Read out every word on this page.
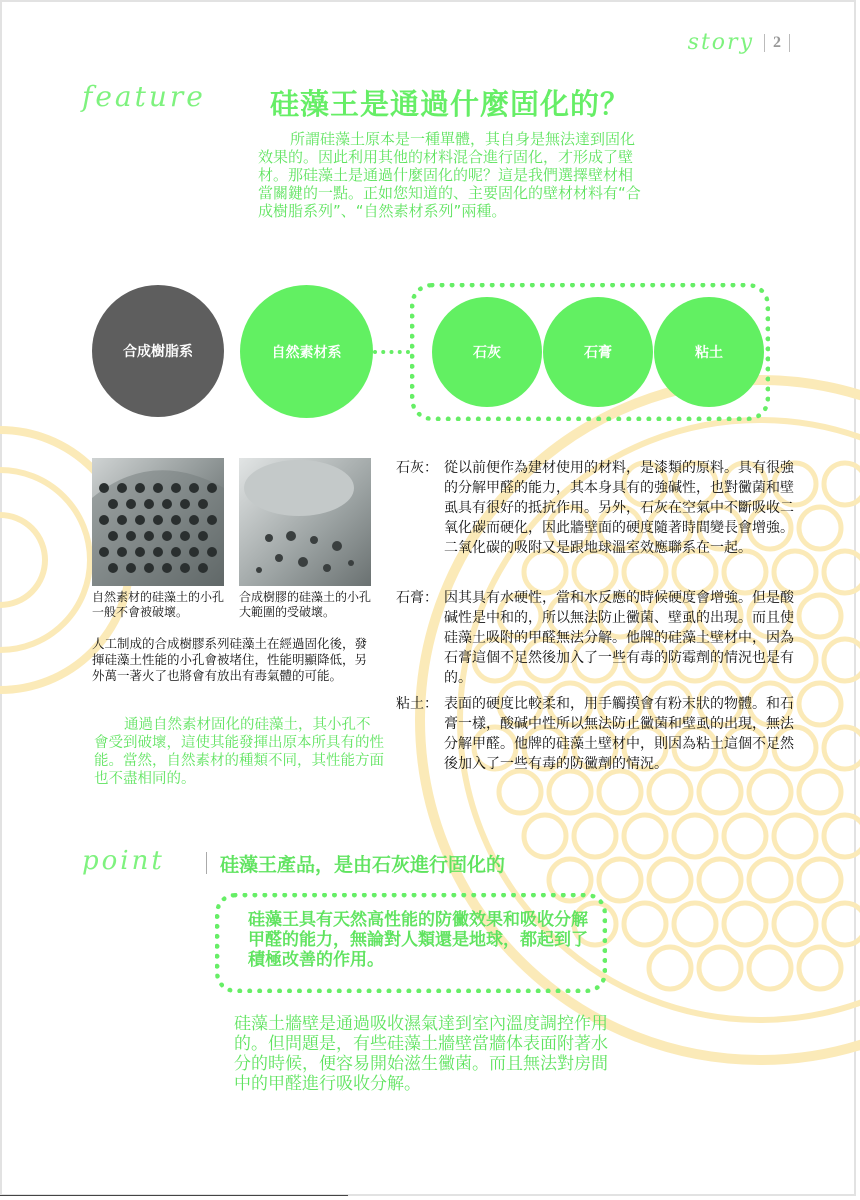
story	2
feature 硅藻王是通過什麼固化的？
所謂硅藻土原本是一種單體，其自身是無法達到固化效果的。因此利用其他的材料混合進行固化，才形成了壁材。那硅藻土是通過什麼固化的呢？這是我們選擇壁材相當關鍵的一點。正如您知道的、主要固化的壁材材料有“合成樹脂系列”、“自然素材系列”兩種。
合成樹脂系	自然素材系	石灰	石膏	粘土
自然素材的硅藻土的小孔一般不會被破壞。
合成樹膠的硅藻土的小孔大範圍的受破壞。
人工制成的合成樹膠系列硅藻土在經過固化後，發揮硅藻土性能的小孔會被堵住，性能明顯降低，另外萬一著火了也將會有放出有毒氣體的可能。
通過自然素材固化的硅藻土，其小孔不會受到破壞，這使其能發揮出原本所具有的性能。當然，自然素材的種類不同，其性能方面也不盡相同的。
石灰： 從以前便作為建材使用的材料，是漆類的原料。具有很強的分解甲醛的能力，其本身具有的強碱性，也對黴菌和壁虱具有很好的抵抗作用。另外，石灰在空氣中不斷吸收二氧化碳而硬化，因此牆壁面的硬度隨著時間變長會增強。二氧化碳的吸附又是跟地球溫室效應聯系在一起。
石膏： 因其具有水硬性，當和水反應的時候硬度會增強。但是酸碱性是中和的，所以無法防止黴菌、壁虱的出現。而且使硅藻土吸附的甲醛無法分解。他牌的硅藻土壁材中，因為石膏這個不足然後加入了一些有毒的防霉劑的情況也是有的。
粘土： 表面的硬度比較柔和，用手觸摸會有粉末狀的物體。和石膏一樣，酸碱中性所以無法防止黴菌和壁虱的出現，無法分解甲醛。他牌的硅藻土壁材中，則因為粘土這個不足然後加入了一些有毒的防黴劑的情況。
point	硅藻王產品，是由石灰進行固化的
硅藻王具有天然高性能的防黴效果和吸收分解甲醛的能力，無論對人類還是地球，都起到了積極改善的作用。
硅藻土牆壁是通過吸收濕氣達到室內溫度調控作用的。但問題是，有些硅藻土牆壁當牆体表面附著水分的時候，便容易開始滋生黴菌。而且無法對房間中的甲醛進行吸收分解。
